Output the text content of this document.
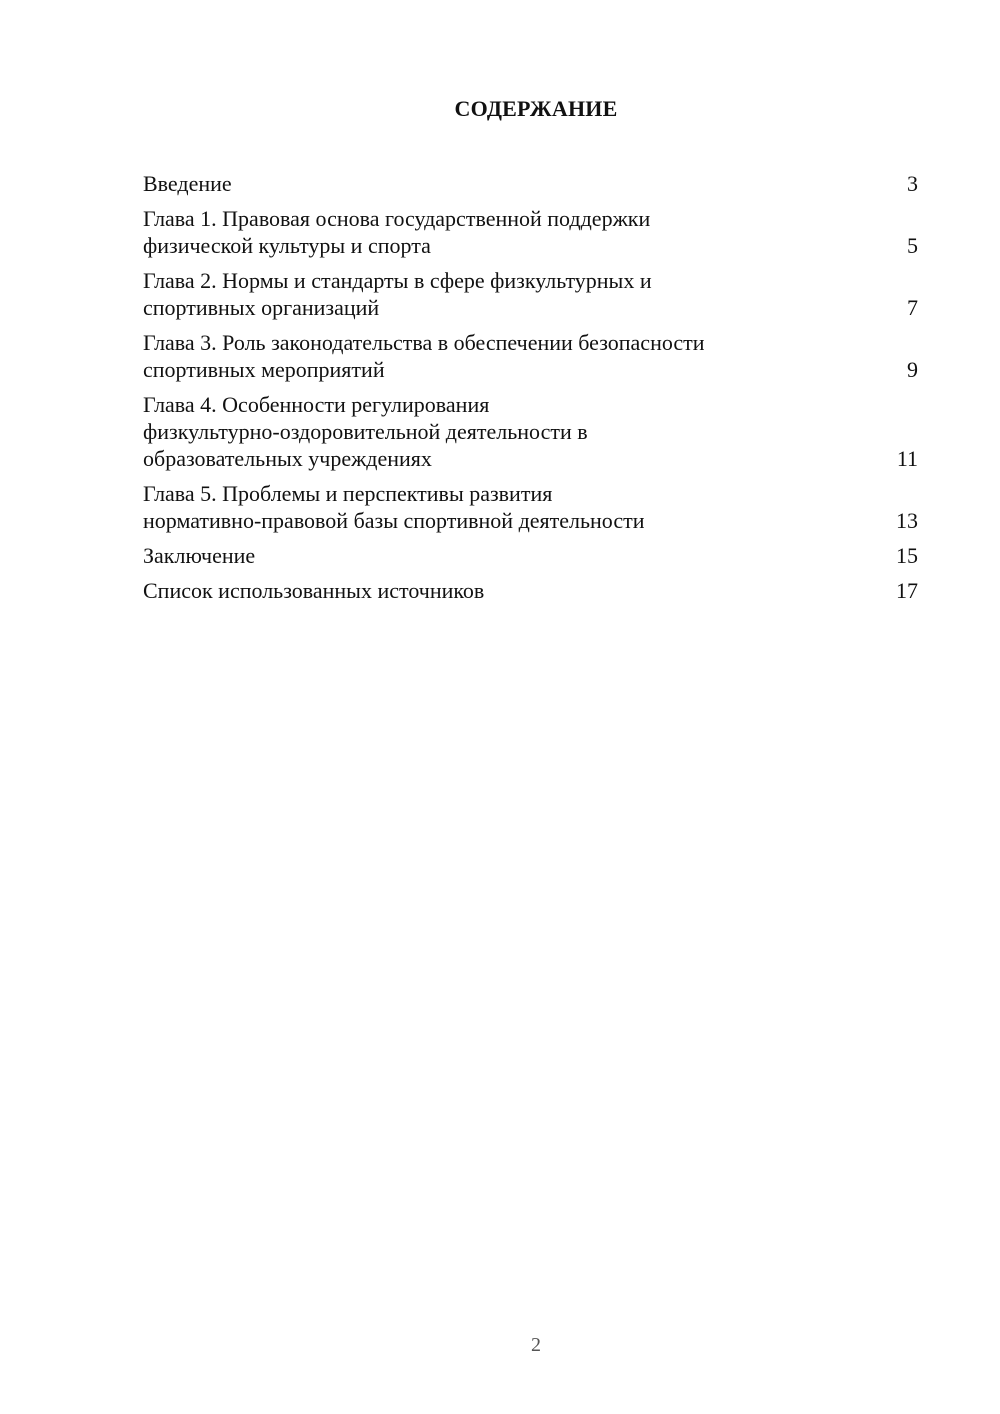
СОДЕРЖАНИЕ
Введение	3
Глава 1. Правовая основа государственной поддержки
физической культуры и спорта	5
Глава 2. Нормы и стандарты в сфере физкультурных и
спортивных организаций	7
Глава 3. Роль законодательства в обеспечении безопасности
спортивных мероприятий	9
Глава 4. Особенности регулирования
физкультурно-оздоровительной деятельности в
образовательных учреждениях	11
Глава 5. Проблемы и перспективы развития
нормативно-правовой базы спортивной деятельности	13
Заключение	15
Список использованных источников	17
2
